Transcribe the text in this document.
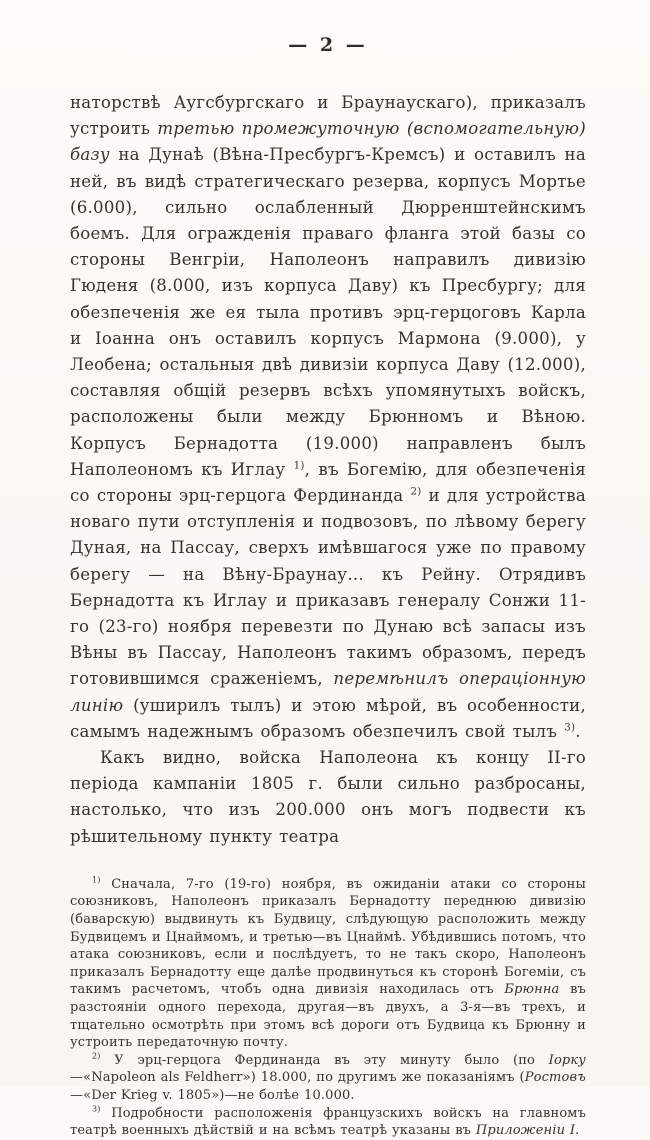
— 2 —

наторствѣ Аугсбургскаго и Браунаускаго), приказалъ устроить третью промежуточную (вспомогательную) базу на Дунаѣ (Вѣна-Пресбургъ-Кремсъ) и оставилъ на ней, въ видѣ стратегическаго резерва, корпусъ Мортье (6.000), сильно ослабленный Дюрренштейнскимъ боемъ. Для огражденія праваго фланга этой базы со стороны Венгріи, Наполеонъ направилъ дивизію Гюденя (8.000, изъ корпуса Даву) къ Пресбургу; для обезпеченія же ея тыла противъ эрц-герцоговъ Карла и Іоанна онъ оставилъ корпусъ Мармона (9.000), у Леобена; остальныя двѣ дивизіи корпуса Даву (12.000), составляя общій резервъ всѣхъ упомянутыхъ войскъ, расположены были между Брюнномъ и Вѣною. Корпусъ Бернадотта (19.000) направленъ былъ Наполеономъ къ Иглау $^{1)}$, въ Богемію, для обезпеченія со стороны эрц-герцога Фердинанда $^{2)}$ и для устройства новаго пути отступленія и подвозовъ, по лѣвому берегу Дуная, на Пассау, сверхъ имѣвшагося уже по правому берегу — на Вѣну-Браунау... къ Рейну. Отрядивъ Бернадотта къ Иглау и приказавъ генералу Сонжи 11-го (23-го) ноября перевезти по Дунаю всѣ запасы изъ Вѣны въ Пассау, Наполеонъ такимъ образомъ, передъ готовившимся сраженіемъ, перемѣнилъ операціонную линію (уширилъ тылъ) и этою мѣрой, въ особенности, самымъ надежнымъ образомъ обезпечилъ свой тылъ $^{3)}$.

Какъ видно, войска Наполеона къ концу II-го періода кампаніи 1805 г. были сильно разбросаны, настолько, что изъ 200.000 онъ могъ подвести къ рѣшительному пункту театра

$^{1)}$ Сначала, 7-го (19-го) ноября, въ ожиданіи атаки со стороны союзниковъ, Наполеонъ приказалъ Бернадотту переднюю дивизію (баварскую) выдвинуть къ Будвицу, слѣдующую расположить между Будвицемъ и Цнаймомъ, и третью—въ Цнаймѣ. Убѣдившись потомъ, что атака союзниковъ, если и послѣдуетъ, то не такъ скоро, Наполеонъ приказалъ Бернадотту еще далѣе продвинуться къ сторонѣ Богеміи, съ такимъ расчетомъ, чтобъ одна дивизія находилась отъ Брюнна въ разстояніи одного перехода, другая—въ двухъ, а 3-я—въ трехъ, и тщательно осмотрѣть при этомъ всѣ дороги отъ Будвица къ Брюнну и устроить передаточную почту.

$^{2)}$ У эрц-герцога Фердинанда въ эту минуту было (по Іорку—«Napoleon als Feldherr») 18.000, по другимъ же показаніямъ (Ростовъ—«Der Krieg v. 1805»)—не болѣе 10.000.

$^{3)}$ Подробности расположенія французскихъ войскъ на главномъ театрѣ военныхъ дѣйствій и на всѣмъ театрѣ указаны въ Приложеніи I.
